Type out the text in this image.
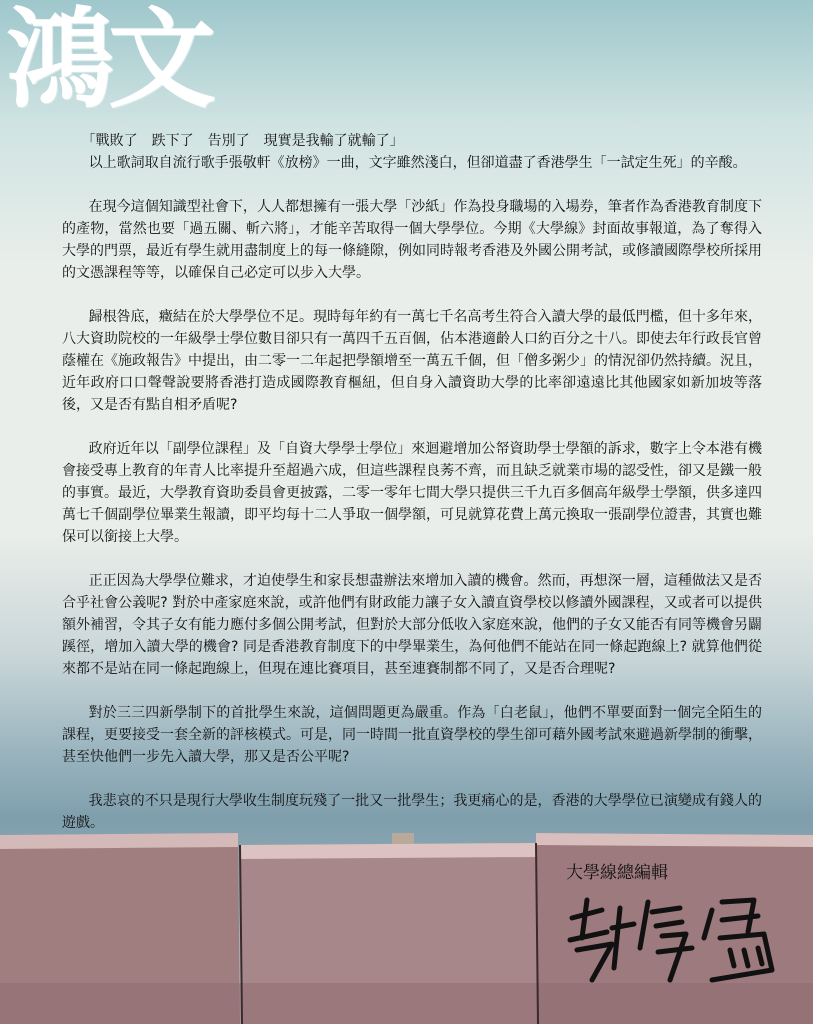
鴻文

「戰敗了　跌下了　告別了　現實是我輸了就輸了」

以上歌詞取自流行歌手張敬軒《放榜》一曲，文字雖然淺白，但卻道盡了香港學生「一試定生死」的辛酸。

在現今這個知識型社會下，人人都想擁有一張大學「沙紙」作為投身職場的入場券，筆者作為香港教育制度下的產物，當然也要「過五關、斬六將」，才能辛苦取得一個大學學位。今期《大學線》封面故事報道，為了奪得入大學的門票，最近有學生就用盡制度上的每一條縫隙，例如同時報考香港及外國公開考試，或修讀國際學校所採用的文憑課程等等，以確保自己必定可以步入大學。

歸根咎底，癥結在於大學學位不足。現時每年約有一萬七千名高考生符合入讀大學的最低門檻，但十多年來，八大資助院校的一年級學士學位數目卻只有一萬四千五百個，佔本港適齡人口約百分之十八。即使去年行政長官曾蔭權在《施政報告》中提出，由二零一二年起把學額增至一萬五千個，但「僧多粥少」的情況卻仍然持續。況且，近年政府口口聲聲說要將香港打造成國際教育樞紐，但自身入讀資助大學的比率卻遠遠比其他國家如新加坡等落後，又是否有點自相矛盾呢?

政府近年以「副學位課程」及「自資大學學士學位」來迴避增加公帑資助學士學額的訴求，數字上令本港有機會接受專上教育的年青人比率提升至超過六成，但這些課程良莠不齊，而且缺乏就業市場的認受性，卻又是鐵一般的事實。最近，大學教育資助委員會更披露，二零一零年七間大學只提供三千九百多個高年級學士學額，供多達四萬七千個副學位畢業生報讀，即平均每十二人爭取一個學額，可見就算花費上萬元換取一張副學位證書，其實也難保可以銜接上大學。

正正因為大學學位難求，才迫使學生和家長想盡辦法來增加入讀的機會。然而，再想深一層，這種做法又是否合乎社會公義呢? 對於中產家庭來說，或許他們有財政能力讓子女入讀直資學校以修讀外國課程，又或者可以提供額外補習，令其子女有能力應付多個公開考試，但對於大部分低收入家庭來說，他們的子女又能否有同等機會另闢蹊徑，增加入讀大學的機會? 同是香港教育制度下的中學畢業生，為何他們不能站在同一條起跑線上? 就算他們從來都不是站在同一條起跑線上，但現在連比賽項目，甚至連賽制都不同了，又是否合理呢?

對於三三四新學制下的首批學生來說，這個問題更為嚴重。作為「白老鼠」，他們不單要面對一個完全陌生的課程，更要接受一套全新的評核模式。可是，同一時間一批直資學校的學生卻可藉外國考試來避過新學制的衝擊，甚至快他們一步先入讀大學，那又是否公平呢?

我悲哀的不只是現行大學收生制度玩殘了一批又一批學生；我更痛心的是，香港的大學學位已演變成有錢人的遊戲。

大學線總編輯
